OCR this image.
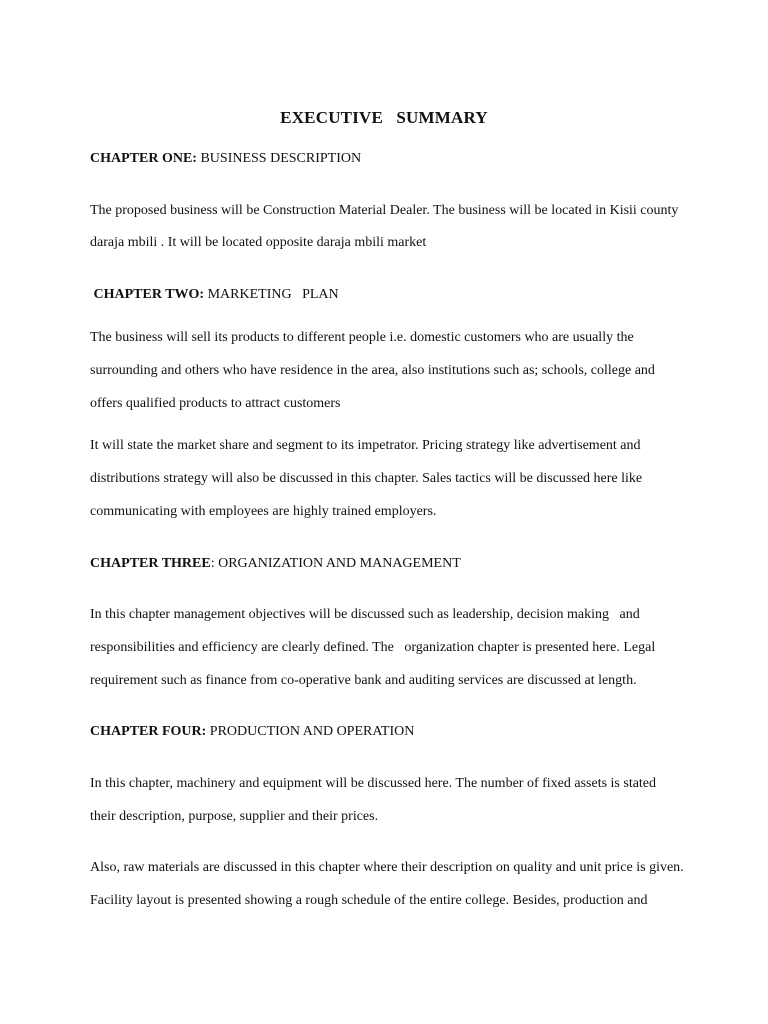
EXECUTIVE   SUMMARY
CHAPTER ONE: BUSINESS DESCRIPTION
The proposed business will be Construction Material Dealer. The business will be located in Kisii county
daraja mbili . It will be located opposite daraja mbili market
CHAPTER TWO: MARKETING   PLAN
The business will sell its products to different people i.e. domestic customers who are usually the
surrounding and others who have residence in the area, also institutions such as; schools, college and
offers qualified products to attract customers
It will state the market share and segment to its impetrator. Pricing strategy like advertisement and
distributions strategy will also be discussed in this chapter. Sales tactics will be discussed here like
communicating with employees are highly trained employers.
CHAPTER THREE: ORGANIZATION AND MANAGEMENT
In this chapter management objectives will be discussed such as leadership, decision making   and
responsibilities and efficiency are clearly defined. The   organization chapter is presented here. Legal
requirement such as finance from co-operative bank and auditing services are discussed at length.
CHAPTER FOUR: PRODUCTION AND OPERATION
In this chapter, machinery and equipment will be discussed here. The number of fixed assets is stated
their description, purpose, supplier and their prices.
Also, raw materials are discussed in this chapter where their description on quality and unit price is given.
Facility layout is presented showing a rough schedule of the entire college. Besides, production and
